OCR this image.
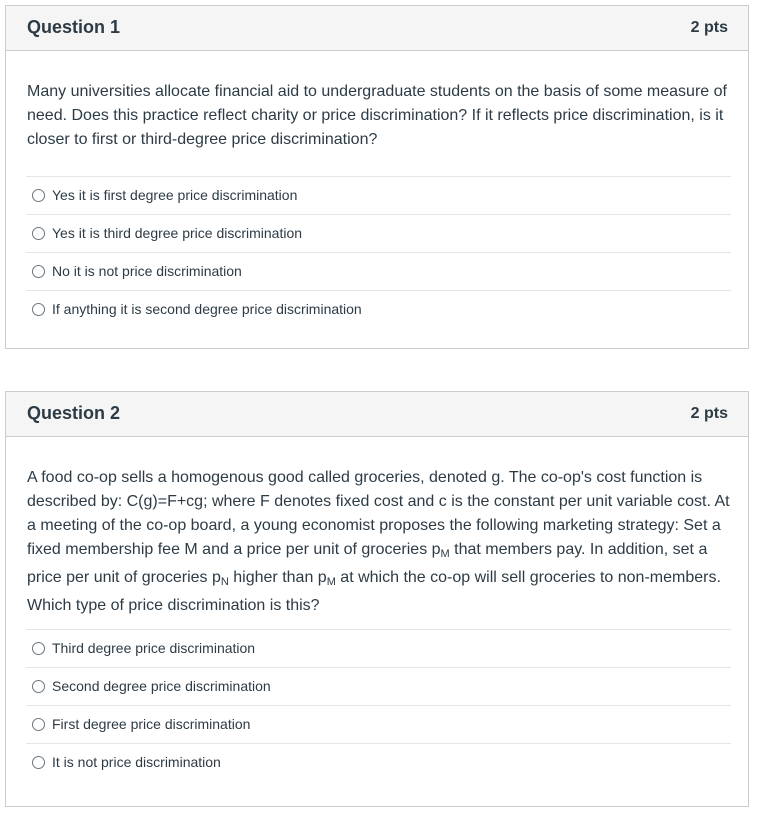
Question 1	2 pts

Many universities allocate financial aid to undergraduate students on the basis of some measure of need. Does this practice reflect charity or price discrimination? If it reflects price discrimination, is it closer to first or third-degree price discrimination?

Yes it is first degree price discrimination
Yes it is third degree price discrimination
No it is not price discrimination
If anything it is second degree price discrimination
Question 2	2 pts

A food co-op sells a homogenous good called groceries, denoted g. The co-op's cost function is described by: C(g)=F+cg; where F denotes fixed cost and c is the constant per unit variable cost. At a meeting of the co-op board, a young economist proposes the following marketing strategy: Set a fixed membership fee M and a price per unit of groceries $p_M$ that members pay. In addition, set a price per unit of groceries $p_N$ higher than $p_M$ at which the co-op will sell groceries to non-members. Which type of price discrimination is this?

Third degree price discrimination
Second degree price discrimination
First degree price discrimination
It is not price discrimination
